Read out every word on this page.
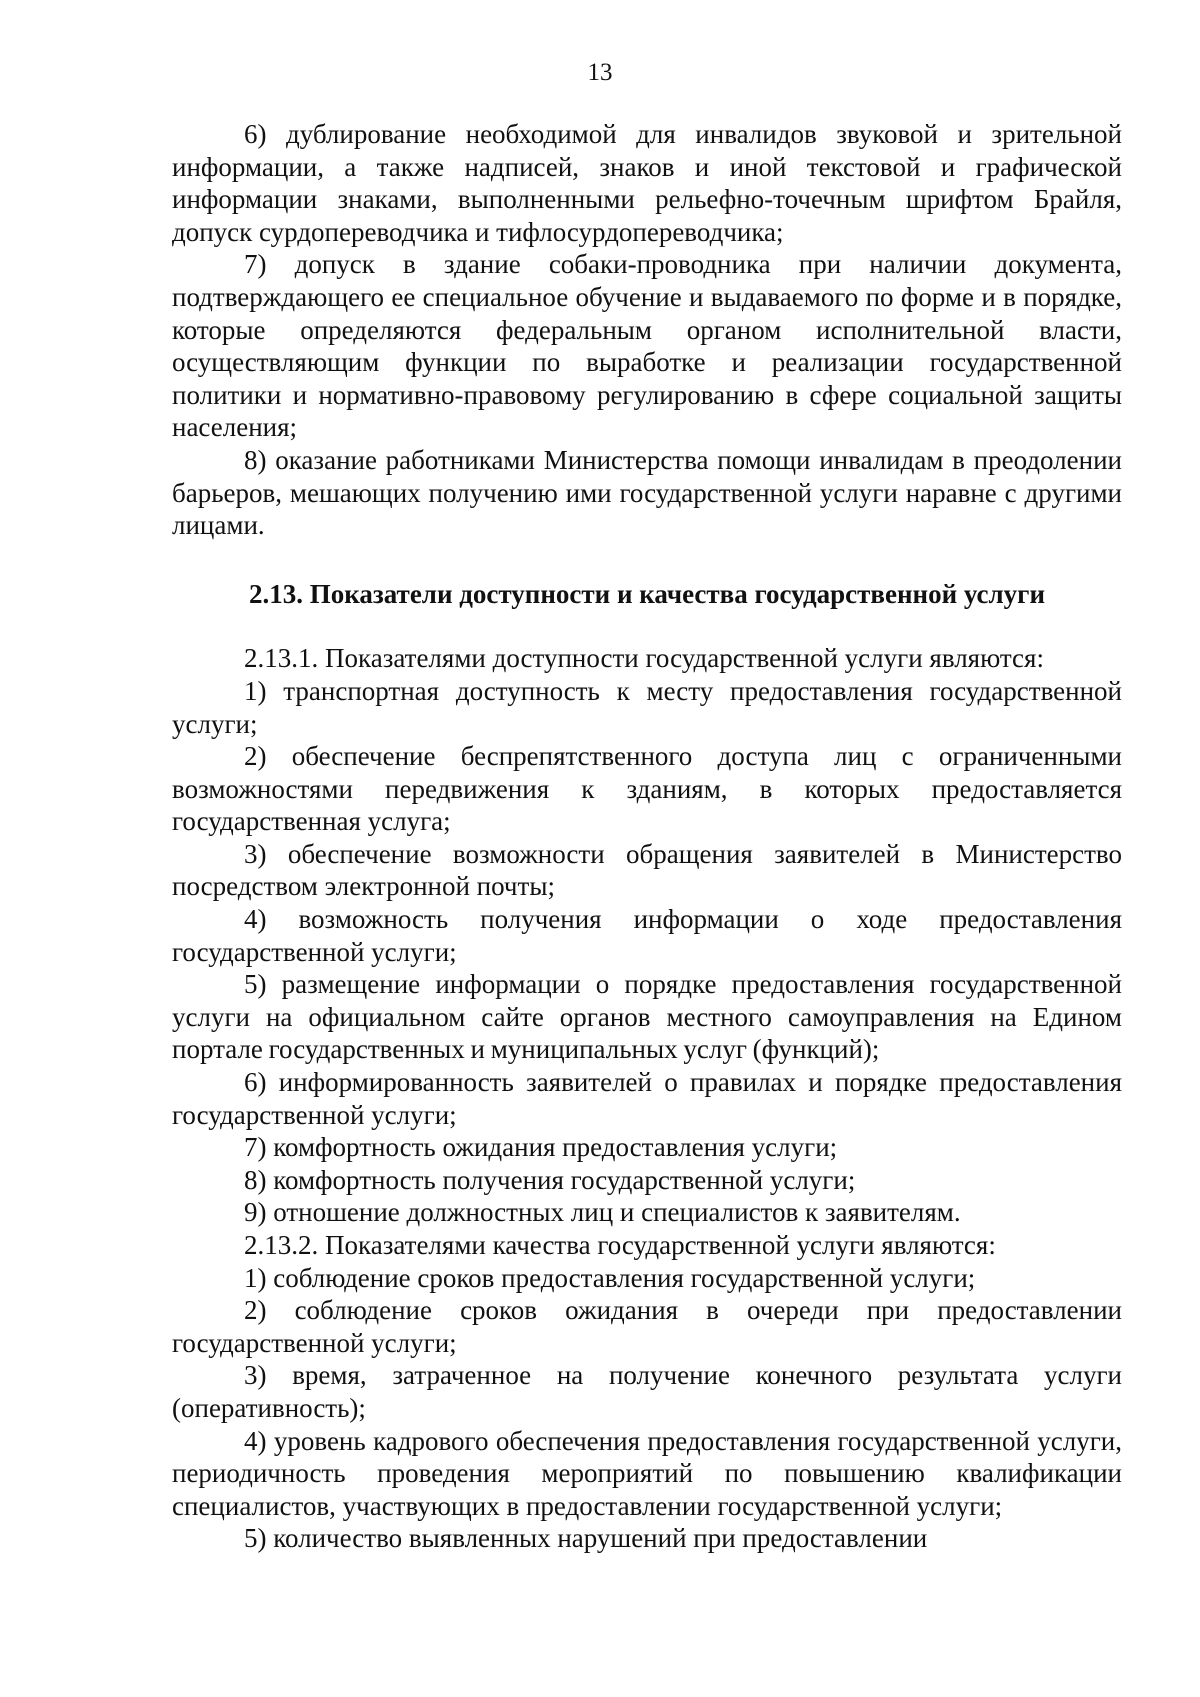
13

6) дублирование необходимой для инвалидов звуковой и зрительной информации, а также надписей, знаков и иной текстовой и графической информации знаками, выполненными рельефно-точечным шрифтом Брайля, допуск сурдопереводчика и тифлосурдопереводчика;

7) допуск в здание собаки-проводника при наличии документа, подтверждающего ее специальное обучение и выдаваемого по форме и в порядке, которые определяются федеральным органом исполнительной власти, осуществляющим функции по выработке и реализации государственной политики и нормативно-правовому регулированию в сфере социальной защиты населения;

8) оказание работниками Министерства помощи инвалидам в преодолении барьеров, мешающих получению ими государственной услуги наравне с другими лицами.

2.13. Показатели доступности и качества государственной услуги

2.13.1. Показателями доступности государственной услуги являются:

1) транспортная доступность к месту предоставления государственной услуги;

2) обеспечение беспрепятственного доступа лиц с ограниченными возможностями передвижения к зданиям, в которых предоставляется государственная услуга;

3) обеспечение возможности обращения заявителей в Министерство посредством электронной почты;

4) возможность получения информации о ходе предоставления государственной услуги;

5) размещение информации о порядке предоставления государственной услуги на официальном сайте органов местного самоуправления на Едином портале государственных и муниципальных услуг (функций);

6) информированность заявителей о правилах и порядке предоставления государственной услуги;

7) комфортность ожидания предоставления услуги;

8) комфортность получения государственной услуги;

9) отношение должностных лиц и специалистов к заявителям.

2.13.2. Показателями качества государственной услуги являются:

1) соблюдение сроков предоставления государственной услуги;

2) соблюдение сроков ожидания в очереди при предоставлении государственной услуги;

3) время, затраченное на получение конечного результата услуги (оперативность);

4) уровень кадрового обеспечения предоставления государственной услуги, периодичность проведения мероприятий по повышению квалификации специалистов, участвующих в предоставлении государственной услуги;

5) количество выявленных нарушений при предоставлении
